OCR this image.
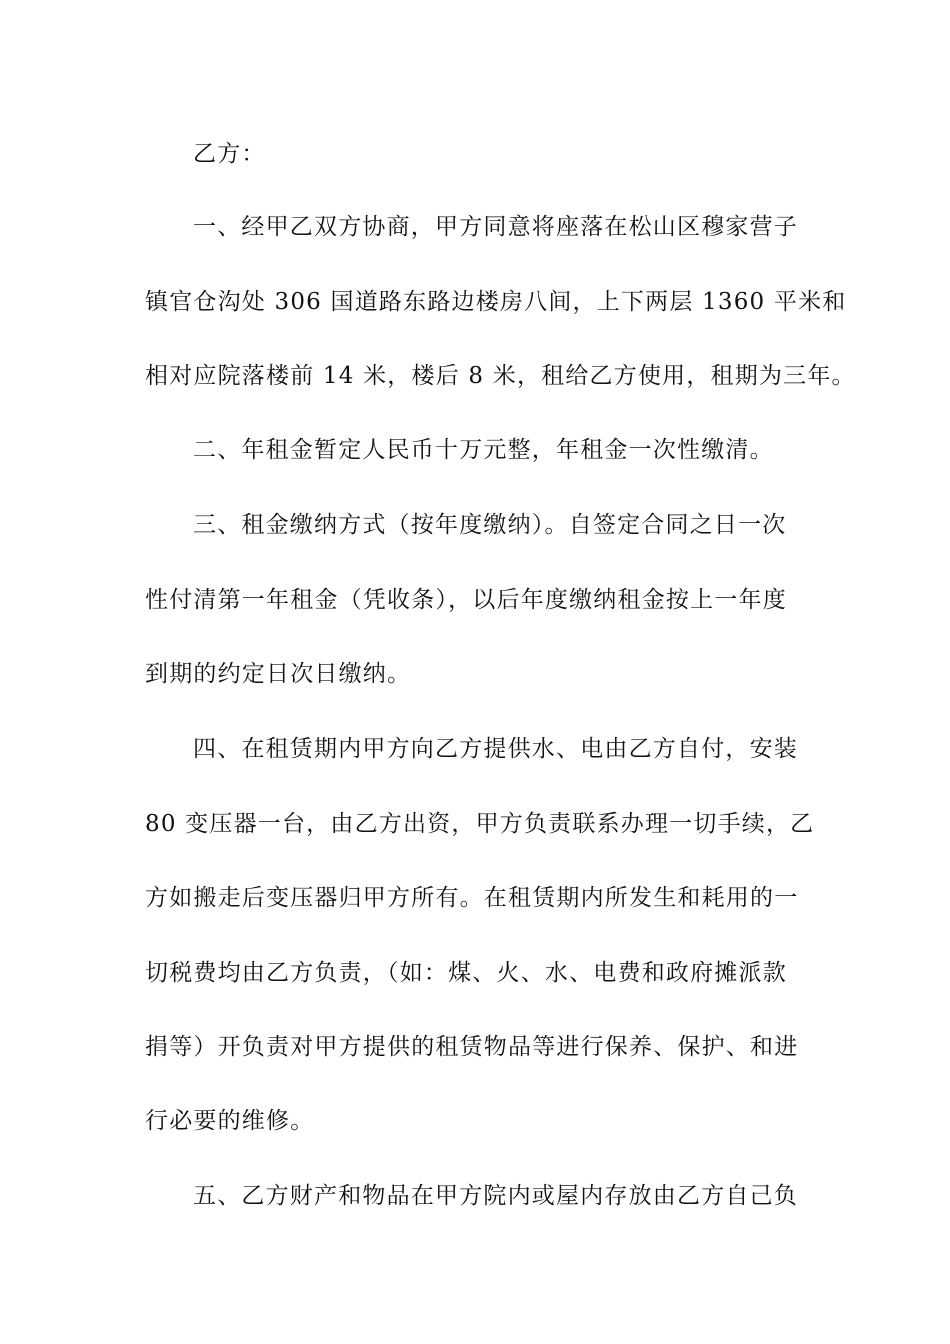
乙方：
一、经甲乙双方协商，甲方同意将座落在松山区穆家营子
镇官仓沟处 306 国道路东路边楼房八间，上下两层 1360 平米和
相对应院落楼前 14 米，楼后 8 米，租给乙方使用，租期为三年。
二、年租金暂定人民币十万元整，年租金一次性缴清。
三、租金缴纳方式（按年度缴纳）。自签定合同之日一次
性付清第一年租金（凭收条），以后年度缴纳租金按上一年度
到期的约定日次日缴纳。
四、在租赁期内甲方向乙方提供水、电由乙方自付，安装
80 变压器一台，由乙方出资，甲方负责联系办理一切手续，乙
方如搬走后变压器归甲方所有。在租赁期内所发生和耗用的一
切税费均由乙方负责，（如：煤、火、水、电费和政府摊派款
捐等）开负责对甲方提供的租赁物品等进行保养、保护、和进
行必要的维修。
五、乙方财产和物品在甲方院内或屋内存放由乙方自己负
